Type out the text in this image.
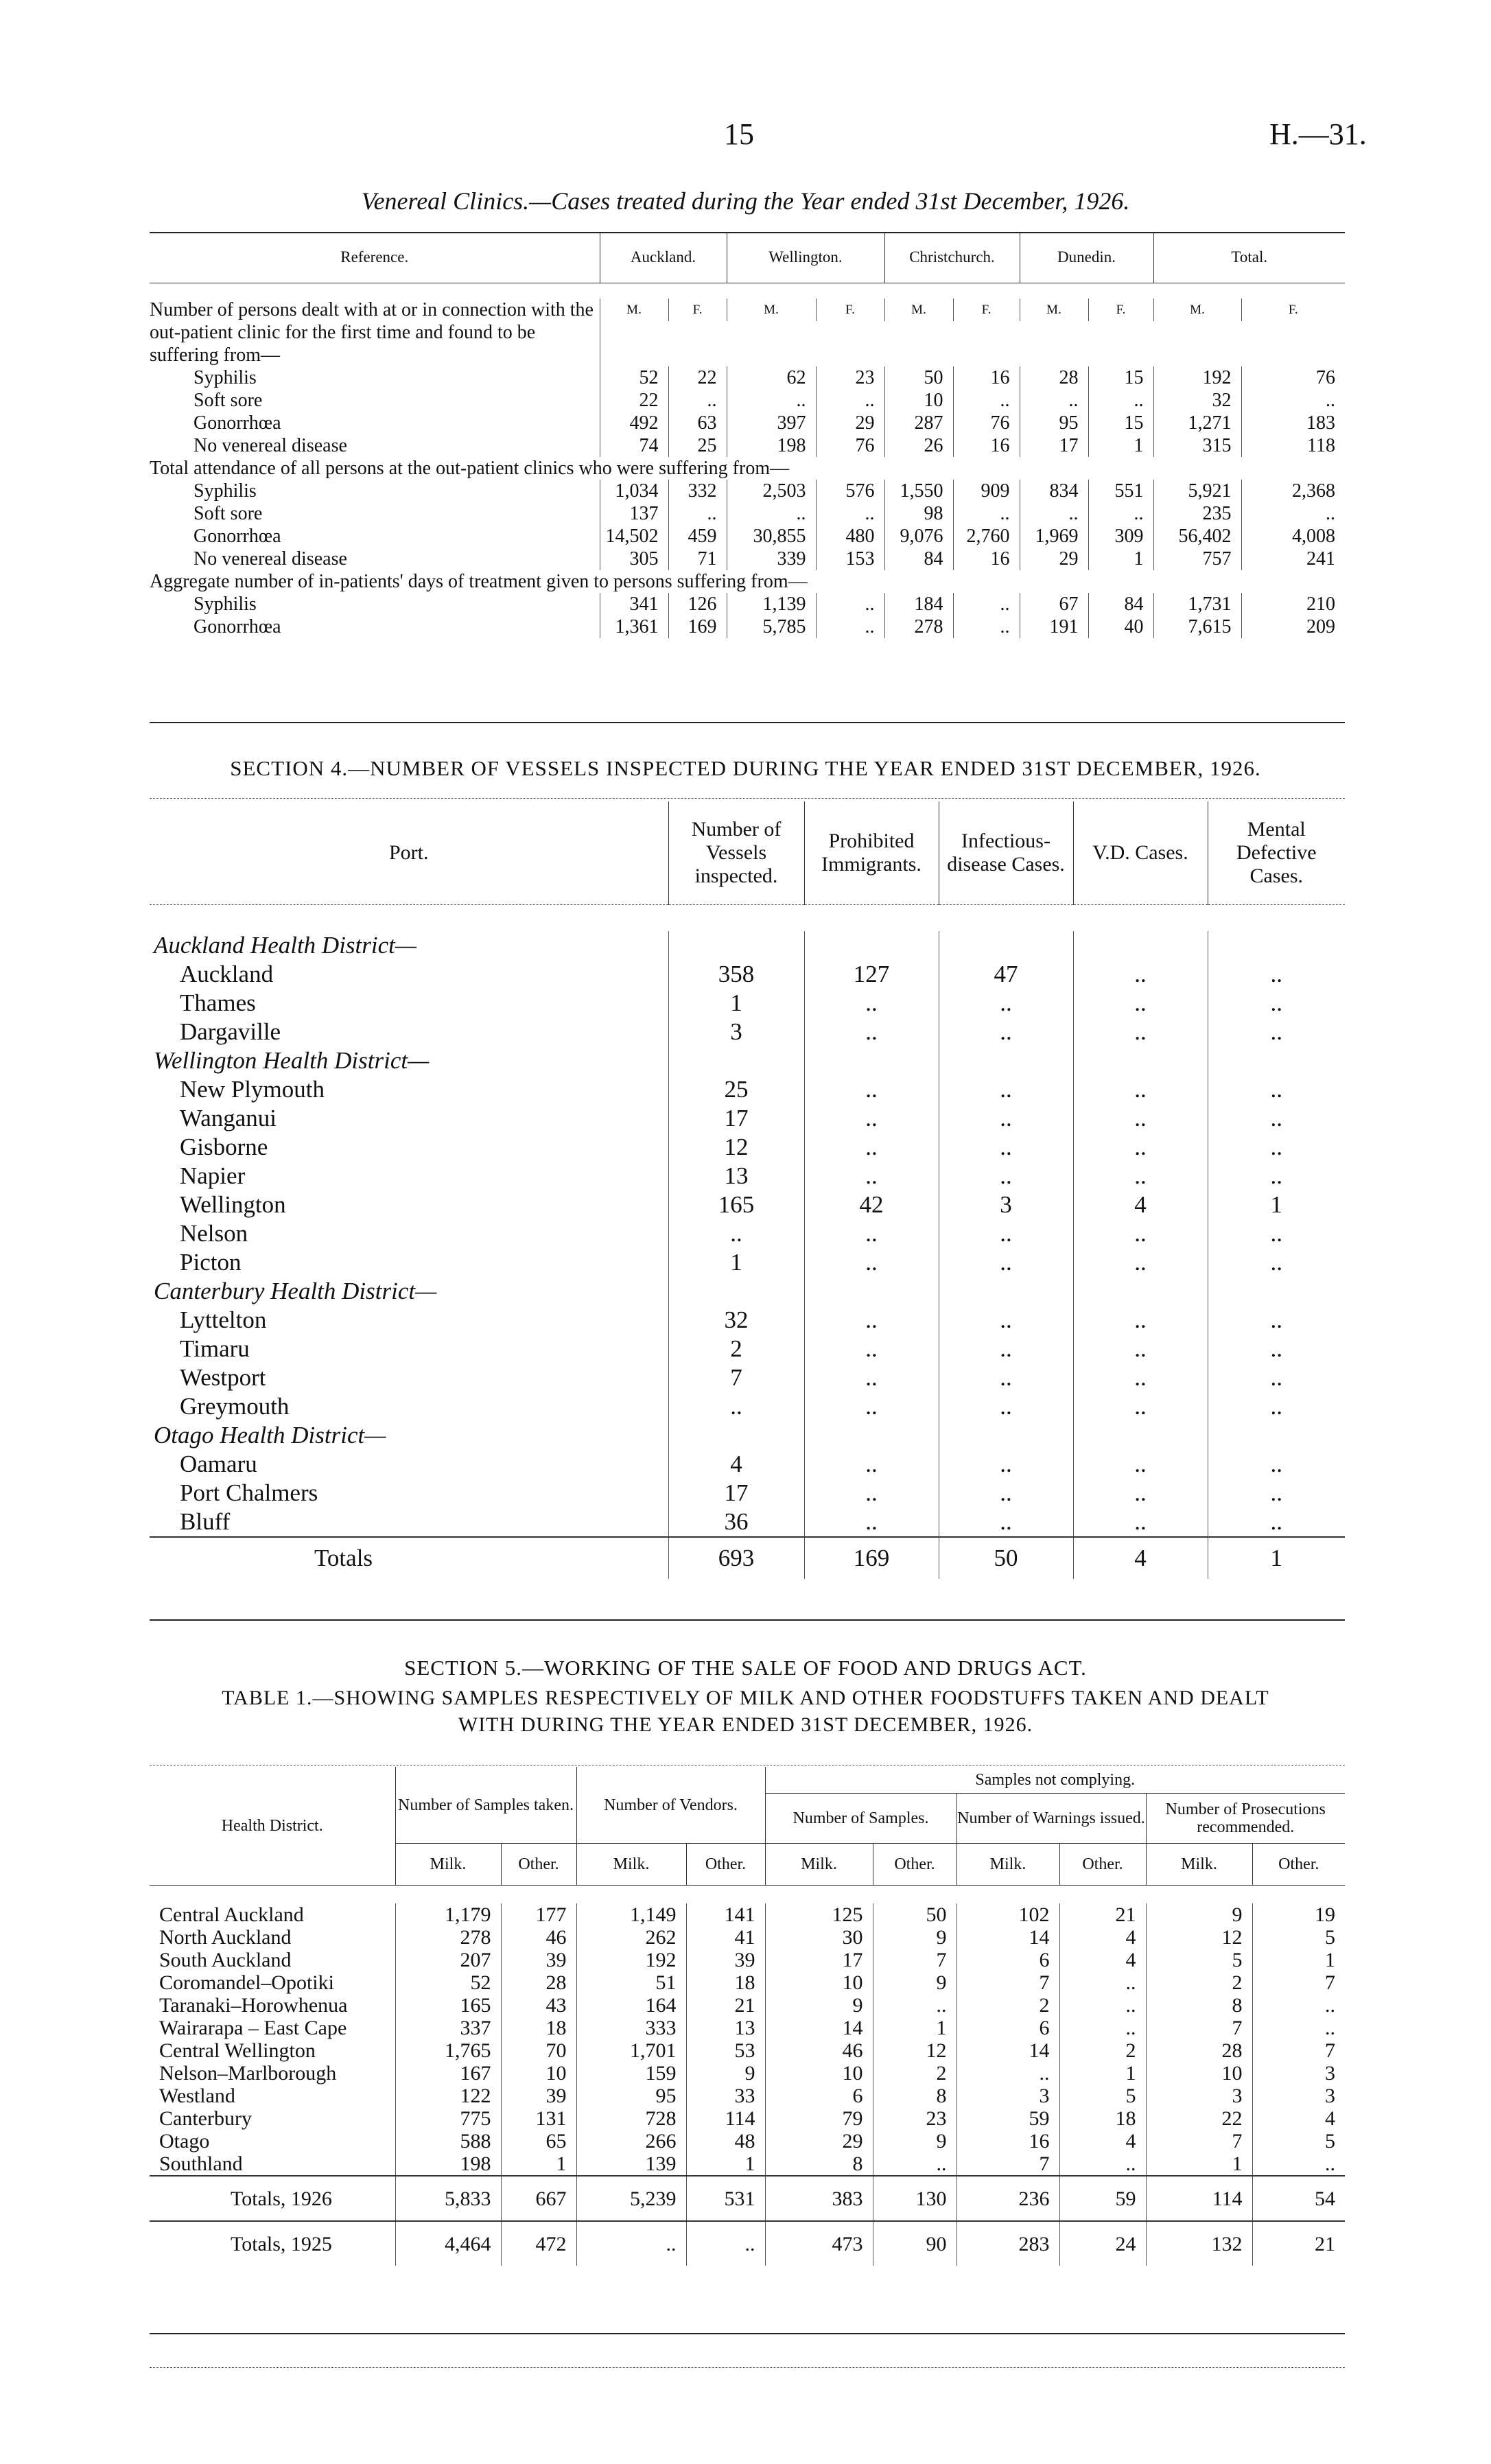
15	H.—31.
Venereal Clinics.—Cases treated during the Year ended 31st December, 1926.
Reference.	Auckland.		Wellington.		Christchurch.		Dunedin.		Total.	

Number of persons dealt with at or in connection with the out-patient clinic for the first time and found to be suffering from—	M.	F.	M.	F.	M.	F.	M.	F.	M.	F.

Syphilis	52	22	62	23	50	16	28	15	192	76
Soft sore	22	..	..	..	10	..	..	..	32	..
Gonorrhœa	492	63	397	29	287	76	95	15	1,271	183
No venereal disease	74	25	198	76	26	16	17	1	315	118
Total attendance of all persons at the out-patient clinics who were suffering from—										
Syphilis	1,034	332	2,503	576	1,550	909	834	551	5,921	2,368
Soft sore	137	..	..	..	98	..	..	..	235	..
Gonorrhœa	14,502	459	30,855	480	9,076	2,760	1,969	309	56,402	4,008
No venereal disease	305	71	339	153	84	16	29	1	757	241
Aggregate number of in-patients' days of treatment given to persons suffering from—										
Syphilis	341	126	1,139	..	184	..	67	84	1,731	210
Gonorrhœa	1,361	169	5,785	..	278	..	191	40	7,615	209
SECTION 4.—NUMBER OF VESSELS INSPECTED DURING THE YEAR ENDED 31ST DECEMBER, 1926.
Port.	Number of Vessels inspected.	Prohibited Immigrants.	Infectious-disease Cases.	V.D. Cases.	Mental Defective Cases.

Auckland Health District—					
Auckland	358	127	47	..	..
Thames	1	..	..	..	..
Dargaville	3	..	..	..	..
Wellington Health District—					
New Plymouth	25	..	..	..	..
Wanganui	17	..	..	..	..
Gisborne	12	..	..	..	..
Napier	13	..	..	..	..
Wellington	165	42	3	4	1
Nelson	..	..	..	..	..
Picton	1	..	..	..	..
Canterbury Health District—					
Lyttelton	32	..	..	..	..
Timaru	2	..	..	..	..
Westport	7	..	..	..	..
Greymouth	..	..	..	..	..
Otago Health District—					
Oamaru	4	..	..	..	..
Port Chalmers	17	..	..	..	..
Bluff	36	..	..	..	..
Totals	693	169	50	4	1
SECTION 5.—WORKING OF THE SALE OF FOOD AND DRUGS ACT.
TABLE 1.—SHOWING SAMPLES RESPECTIVELY OF MILK AND OTHER FOODSTUFFS TAKEN AND DEALT
WITH DURING THE YEAR ENDED 31ST DECEMBER, 1926.
Health District.	Number of Samples taken.		Number of Vendors.		Samples not complying.					
					Number of Samples.		Number of Warnings issued.		Number of Prosecutions recommended.	
	Milk.	Other.	Milk.	Other.	Milk.	Other.	Milk.	Other.	Milk.	Other.

Central Auckland	1,179	177	1,149	141	125	50	102	21	9	19
North Auckland	278	46	262	41	30	9	14	4	12	5
South Auckland	207	39	192	39	17	7	6	4	5	1
Coromandel–Opotiki	52	28	51	18	10	9	7	..	2	7
Taranaki–Horowhenua	165	43	164	21	9	..	2	..	8	..
Wairarapa – East Cape	337	18	333	13	14	1	6	..	7	..
Central Wellington	1,765	70	1,701	53	46	12	14	2	28	7
Nelson–Marlborough	167	10	159	9	10	2	..	1	10	3
Westland	122	39	95	33	6	8	3	5	3	3
Canterbury	775	131	728	114	79	23	59	18	22	4
Otago	588	65	266	48	29	9	16	4	7	5
Southland	198	1	139	1	8	..	7	..	1	..
Totals, 1926	5,833	667	5,239	531	383	130	236	59	114	54
Totals, 1925	4,464	472	..	..	473	90	283	24	132	21
